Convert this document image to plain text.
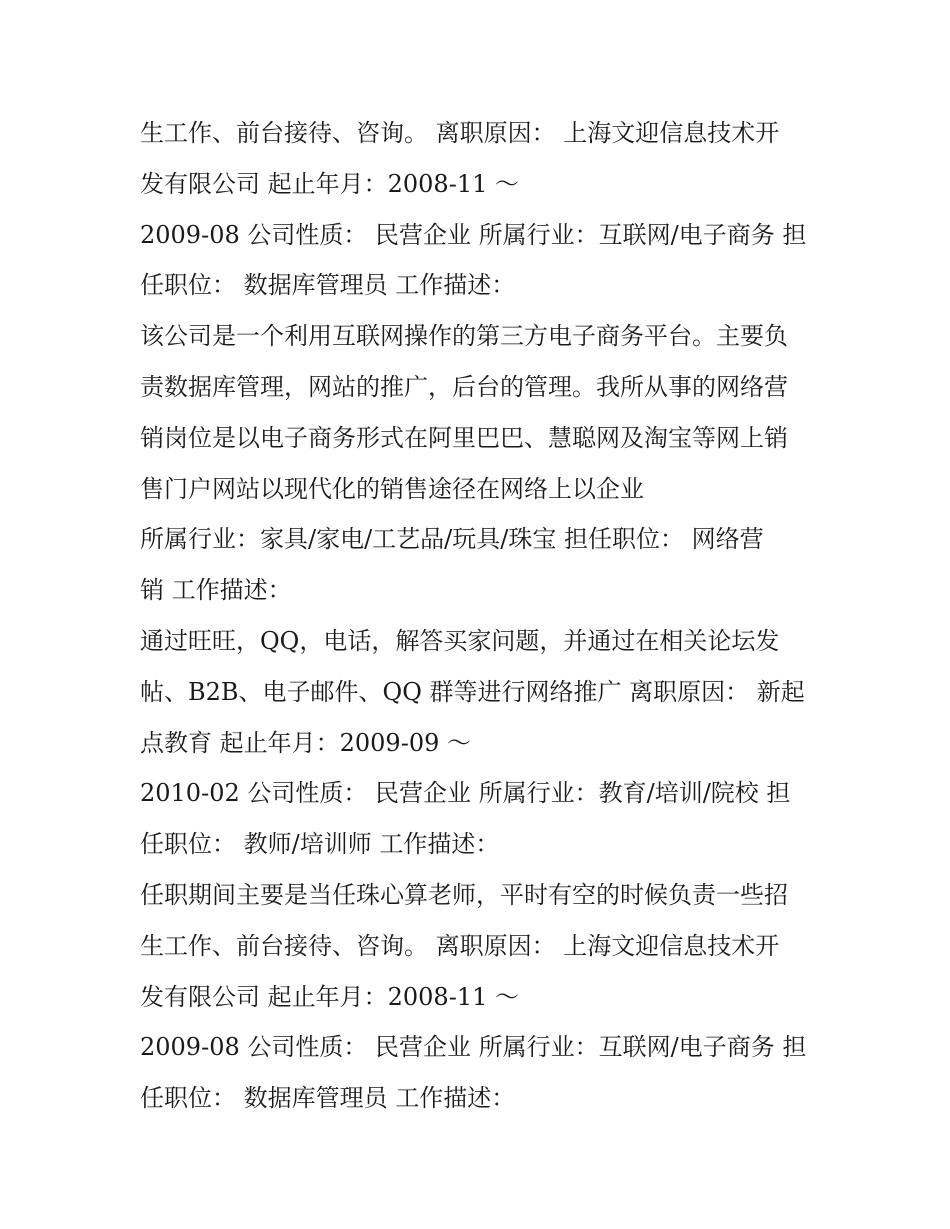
生工作、前台接待、咨询。 离职原因： 上海文迎信息技术开
发有限公司 起止年月：2008-11 ～
2009-08 公司性质： 民营企业 所属行业：互联网/电子商务 担
任职位： 数据库管理员 工作描述：
该公司是一个利用互联网操作的第三方电子商务平台。主要负
责数据库管理，网站的推广，后台的管理。我所从事的网络营
销岗位是以电子商务形式在阿里巴巴、慧聪网及淘宝等网上销
售门户网站以现代化的销售途径在网络上以企业
所属行业：家具/家电/工艺品/玩具/珠宝 担任职位： 网络营
销 工作描述：
通过旺旺，QQ，电话，解答买家问题，并通过在相关论坛发
帖、B2B、电子邮件、QQ 群等进行网络推广 离职原因： 新起
点教育 起止年月：2009-09 ～
2010-02 公司性质： 民营企业 所属行业：教育/培训/院校 担
任职位： 教师/培训师 工作描述：
任职期间主要是当任珠心算老师，平时有空的时候负责一些招
生工作、前台接待、咨询。 离职原因： 上海文迎信息技术开
发有限公司 起止年月：2008-11 ～
2009-08 公司性质： 民营企业 所属行业：互联网/电子商务 担
任职位： 数据库管理员 工作描述：
